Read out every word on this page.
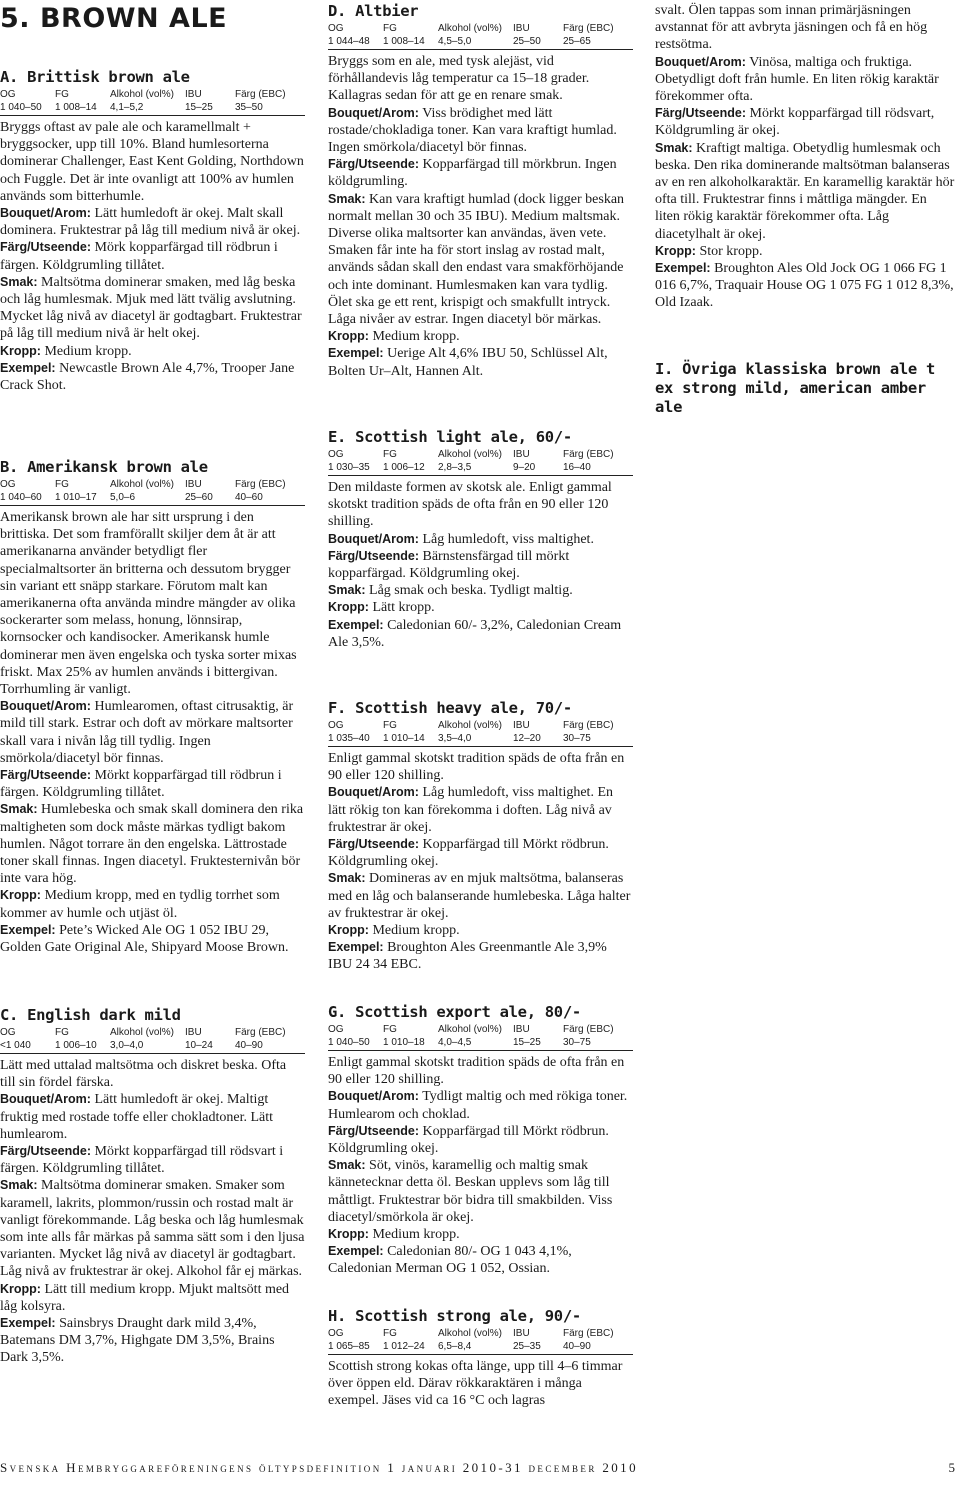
5. BROWN ALE
A. Brittisk brown ale
OG	FG	Alkohol (vol%)	IBU	Färg (EBC)
1 040–50	1 008–14	4,1–5,2	15–25	35–50

Bryggs oftast av pale ale och karamellmalt + bryggsocker, upp till 10%. Bland humlesorterna dominerar Challenger, East Kent Golding, Northdown och Fuggle. Det är inte ovanligt att 100% av humlen används som bitterhumle.

Bouquet/Arom: Lätt humledoft är okej. Malt skall dominera. Fruktestrar på låg till medium nivå är okej.

Färg/Utseende: Mörk kopparfärgad till rödbrun i färgen. Köldgrumling tillåtet.

Smak: Maltsötma dominerar smaken, med låg beska och låg humlesmak. Mjuk med lätt tvälig avslutning. Mycket låg nivå av diacetyl är godtagbart. Fruktestrar på låg till medium nivå är helt okej.

Kropp: Medium kropp.

Exempel: Newcastle Brown Ale 4,7%, Trooper Jane Crack Shot.

B. Amerikansk brown ale
OG	FG	Alkohol (vol%)	IBU	Färg (EBC)
1 040–60	1 010–17	5,0–6	25–60	40–60

Amerikansk brown ale har sitt ursprung i den brittiska. Det som framförallt skiljer dem åt är att amerikanarna använder betydligt fler specialmaltsorter än britterna och dessutom brygger sin variant ett snäpp starkare. Förutom malt kan amerikanerna ofta använda mindre mängder av olika sockerarter som melass, honung, lönnsirap, kornsocker och kandisocker. Amerikansk humle dominerar men även engelska och tyska sorter mixas friskt. Max 25% av humlen används i bittergivan. Torrhumling är vanligt.

Bouquet/Arom: Humlearomen, oftast citrusaktig, är mild till stark. Estrar och doft av mörkare maltsorter skall vara i nivån låg till tydlig. Ingen smörkola/diacetyl bör finnas.

Färg/Utseende: Mörkt kopparfärgad till rödbrun i färgen. Köldgrumling tillåtet.

Smak: Humlebeska och smak skall dominera den rika maltigheten som dock måste märkas tydligt bakom humlen. Något torrare än den engelska. Lättrostade toner skall finnas. Ingen diacetyl. Fruktesternivån bör inte vara hög.

Kropp: Medium kropp, med en tydlig torrhet som kommer av humle och utjäst öl.

Exempel: Pete’s Wicked Ale OG 1 052 IBU 29, Golden Gate Original Ale, Shipyard Moose Brown.

C. English dark mild
OG	FG	Alkohol (vol%)	IBU	Färg (EBC)
<1 040	1 006–10	3,0–4,0	10–24	40–90

Lätt med uttalad maltsötma och diskret beska. Ofta till sin fördel färska.

Bouquet/Arom: Lätt humledoft är okej. Maltigt fruktig med rostade toffe eller chokladtoner. Lätt humlearom.

Färg/Utseende: Mörkt kopparfärgad till rödsvart i färgen. Köldgrumling tillåtet.

Smak: Maltsötma dominerar smaken. Smaker som karamell, lakrits, plommon/russin och rostad malt är vanligt förekommande. Låg beska och låg humlesmak som inte alls får märkas på samma sätt som i den ljusa varianten. Mycket låg nivå av diacetyl är godtagbart. Låg nivå av fruktestrar är okej. Alkohol får ej märkas.

Kropp: Lätt till medium kropp. Mjukt maltsött med låg kolsyra.

Exempel: Sainsbrys Draught dark mild 3,4%, Batemans DM 3,7%, Highgate DM 3,5%, Brains Dark 3,5%.

D. Altbier
OG	FG	Alkohol (vol%)	IBU	Färg (EBC)
1 044–48	1 008–14	4,5–5,0	25–50	25–65

Bryggs som en ale, med tysk alejäst, vid förhållandevis låg temperatur ca 15–18 grader. Kallagras sedan för att ge en renare smak.

Bouquet/Arom: Viss brödighet med lätt rostade/chokladiga toner. Kan vara kraftigt humlad. Ingen smörkola/diacetyl bör finnas.

Färg/Utseende: Kopparfärgad till mörkbrun. Ingen köldgrumling.

Smak: Kan vara kraftigt humlad (dock ligger beskan normalt mellan 30 och 35 IBU). Medium maltsmak. Diverse olika maltsorter kan användas, även vete. Smaken får inte ha för stort inslag av rostad malt, används sådan skall den endast vara smakförhöjande och inte dominant. Humlesmaken kan vara tydlig. Ölet ska ge ett rent, krispigt och smakfullt intryck. Låga nivåer av estrar. Ingen diacetyl bör märkas.

Kropp: Medium kropp.

Exempel: Uerige Alt 4,6% IBU 50, Schlüssel Alt, Bolten Ur–Alt, Hannen Alt.

E. Scottish light ale, 60/-
OG	FG	Alkohol (vol%)	IBU	Färg (EBC)
1 030–35	1 006–12	2,8–3,5	9–20	16–40

Den mildaste formen av skotsk ale. Enligt gammal skotskt tradition späds de ofta från en 90 eller 120 shilling.

Bouquet/Arom: Låg humledoft, viss maltighet.

Färg/Utseende: Bärnstensfärgad till mörkt kopparfärgad. Köldgrumling okej.

Smak: Låg smak och beska. Tydligt maltig.

Kropp: Lätt kropp.

Exempel: Caledonian 60/- 3,2%, Caledonian Cream Ale 3,5%.

F. Scottish heavy ale, 70/-
OG	FG	Alkohol (vol%)	IBU	Färg (EBC)
1 035–40	1 010–14	3,5–4,0	12–20	30–75

Enligt gammal skotskt tradition späds de ofta från en 90 eller 120 shilling.

Bouquet/Arom: Låg humledoft, viss maltighet. En lätt rökig ton kan förekomma i doften. Låg nivå av fruktestrar är okej.

Färg/Utseende: Kopparfärgad till Mörkt rödbrun. Köldgrumling okej.

Smak: Domineras av en mjuk maltsötma, balanseras med en låg och balanserande humlebeska. Låga halter av fruktestrar är okej.

Kropp: Medium kropp.

Exempel: Broughton Ales Greenmantle Ale 3,9% IBU 24 34 EBC.

G. Scottish export ale, 80/-
OG	FG	Alkohol (vol%)	IBU	Färg (EBC)
1 040–50	1 010–18	4,0–4,5	15–25	30–75

Enligt gammal skotskt tradition späds de ofta från en 90 eller 120 shilling.

Bouquet/Arom: Tydligt maltig och med rökiga toner. Humlearom och choklad.

Färg/Utseende: Kopparfärgad till Mörkt rödbrun. Köldgrumling okej.

Smak: Söt, vinös, karamellig och maltig smak kännetecknar detta öl. Beskan upplevs som låg till måttligt. Fruktestrar bör bidra till smakbilden. Viss diacetyl/smörkola är okej.

Kropp: Medium kropp.

Exempel: Caledonian 80/- OG 1 043 4,1%, Caledonian Merman OG 1 052, Ossian.

H. Scottish strong ale, 90/-
OG	FG	Alkohol (vol%)	IBU	Färg (EBC)
1 065–85	1 012–24	6,5–8,4	25–35	40–90

Scottish strong kokas ofta länge, upp till 4–6 timmar över öppen eld. Därav rökkaraktären i många exempel. Jäses vid ca 16 °C och lagras

svalt. Ölen tappas som innan primärjäsningen avstannat för att avbryta jäsningen och få en hög restsötma.

Bouquet/Arom: Vinösa, maltiga och fruktiga. Obetydligt doft från humle. En liten rökig karaktär förekommer ofta.

Färg/Utseende: Mörkt kopparfärgad till rödsvart, Köldgrumling är okej.

Smak: Kraftigt maltiga. Obetydlig humlesmak och beska. Den rika dominerande maltsötman balanseras av en ren alkoholkaraktär. En karamellig karaktär hör ofta till. Fruktestrar finns i måttliga mängder. En liten rökig karaktär förekommer ofta. Låg diacetylhalt är okej.

Kropp: Stor kropp.

Exempel: Broughton Ales Old Jock OG 1 066 FG 1 016 6,7%, Traquair House OG 1 075 FG 1 012 8,3%, Old Izaak.

I. Övriga klassiska brown ale t ex strong mild, american amber ale
Svenska Hembryggareföreningens öltypsdefinition 1 januari 2010-31 december 2010	5
